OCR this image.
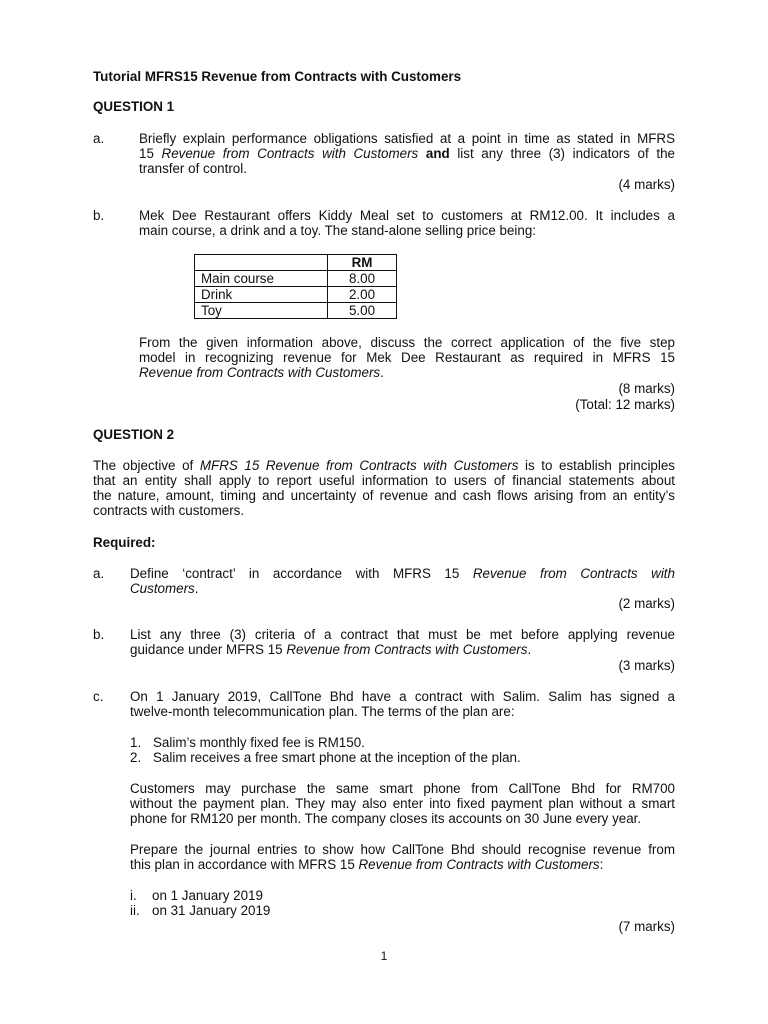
Tutorial MFRS15 Revenue from Contracts with Customers
QUESTION 1
a.	Briefly explain performance obligations satisfied at a point in time as stated in MFRS
15 Revenue from Contracts with Customers and list any three (3) indicators of the
transfer of control.
(4 marks)
b.	Mek Dee Restaurant offers Kiddy Meal set to customers at RM12.00. It includes a
main course, a drink and a toy. The stand-alone selling price being:
	RM
Main course	8.00
Drink	2.00
Toy	5.00
From the given information above, discuss the correct application of the five step
model in recognizing revenue for Mek Dee Restaurant as required in MFRS 15
Revenue from Contracts with Customers.
(8 marks)
(Total: 12 marks)
QUESTION 2
The objective of MFRS 15 Revenue from Contracts with Customers is to establish principles
that an entity shall apply to report useful information to users of financial statements about
the nature, amount, timing and uncertainty of revenue and cash flows arising from an entity’s
contracts with customers.
Required:
a. Define ‘contract’ in accordance with MFRS 15 Revenue from Contracts with
Customers.
(2 marks)
b. List any three (3) criteria of a contract that must be met before applying revenue
guidance under MFRS 15 Revenue from Contracts with Customers.
(3 marks)
c. On 1 January 2019, CallTone Bhd have a contract with Salim. Salim has signed a
twelve-month telecommunication plan. The terms of the plan are:
1. Salim’s monthly fixed fee is RM150.
2. Salim receives a free smart phone at the inception of the plan.
Customers may purchase the same smart phone from CallTone Bhd for RM700
without the payment plan. They may also enter into fixed payment plan without a smart
phone for RM120 per month. The company closes its accounts on 30 June every year.
Prepare the journal entries to show how CallTone Bhd should recognise revenue from
this plan in accordance with MFRS 15 Revenue from Contracts with Customers:
i. on 1 January 2019
ii. on 31 January 2019
(7 marks)
1
